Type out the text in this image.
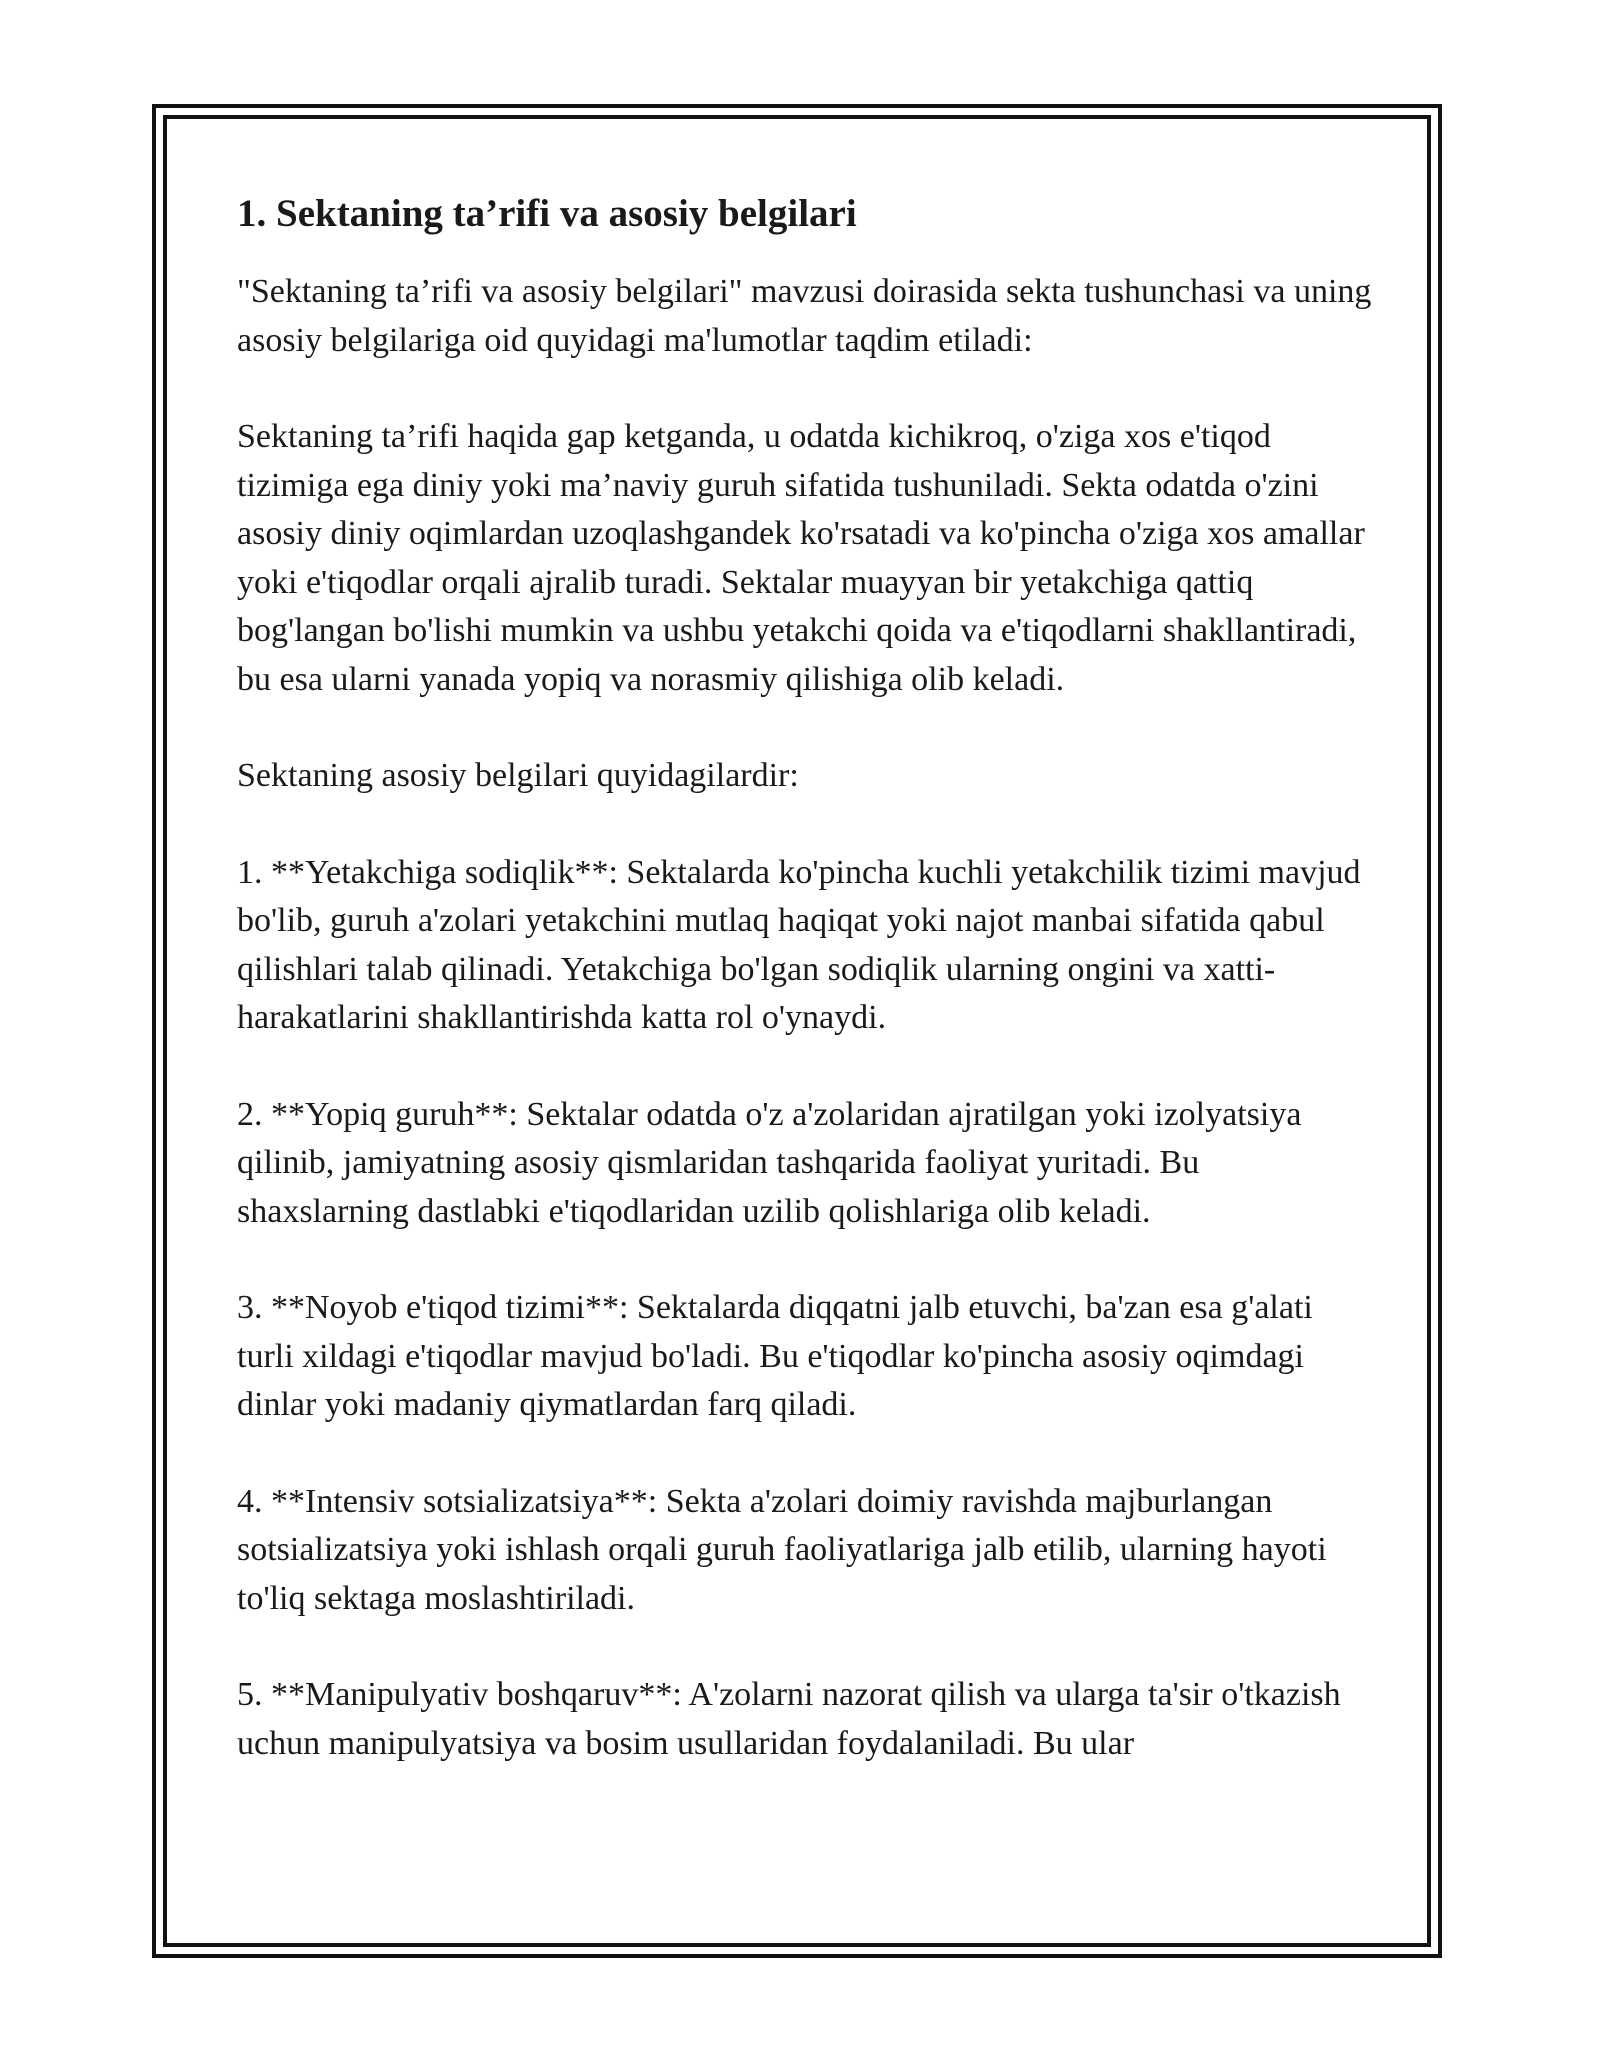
1. Sektaning ta’rifi va asosiy belgilari

"Sektaning ta’rifi va asosiy belgilari" mavzusi doirasida sekta tushunchasi va uning asosiy belgilariga oid quyidagi ma'lumotlar taqdim etiladi:

Sektaning ta’rifi haqida gap ketganda, u odatda kichikroq, o'ziga xos e'tiqod tizimiga ega diniy yoki ma’naviy guruh sifatida tushuniladi. Sekta odatda o'zini asosiy diniy oqimlardan uzoqlashgandek ko'rsatadi va ko'pincha o'ziga xos amallar yoki e'tiqodlar orqali ajralib turadi. Sektalar muayyan bir yetakchiga qattiq bog'langan bo'lishi mumkin va ushbu yetakchi qoida va e'tiqodlarni shakllantiradi, bu esa ularni yanada yopiq va norasmiy qilishiga olib keladi.

Sektaning asosiy belgilari quyidagilardir:

1. **Yetakchiga sodiqlik**: Sektalarda ko'pincha kuchli yetakchilik tizimi mavjud bo'lib, guruh a'zolari yetakchini mutlaq haqiqat yoki najot manbai sifatida qabul qilishlari talab qilinadi. Yetakchiga bo'lgan sodiqlik ularning ongini va xatti-harakatlarini shakllantirishda katta rol o'ynaydi.

2. **Yopiq guruh**: Sektalar odatda o'z a'zolaridan ajratilgan yoki izolyatsiya qilinib, jamiyatning asosiy qismlaridan tashqarida faoliyat yuritadi. Bu shaxslarning dastlabki e'tiqodlaridan uzilib qolishlariga olib keladi.

3. **Noyob e'tiqod tizimi**: Sektalarda diqqatni jalb etuvchi, ba'zan esa g'alati turli xildagi e'tiqodlar mavjud bo'ladi. Bu e'tiqodlar ko'pincha asosiy oqimdagi dinlar yoki madaniy qiymatlardan farq qiladi.

4. **Intensiv sotsializatsiya**: Sekta a'zolari doimiy ravishda majburlangan sotsializatsiya yoki ishlash orqali guruh faoliyatlariga jalb etilib, ularning hayoti to'liq sektaga moslashtiriladi.

5. **Manipulyativ boshqaruv**: A'zolarni nazorat qilish va ularga ta'sir o'tkazish uchun manipulyatsiya va bosim usullaridan foydalaniladi. Bu ular
